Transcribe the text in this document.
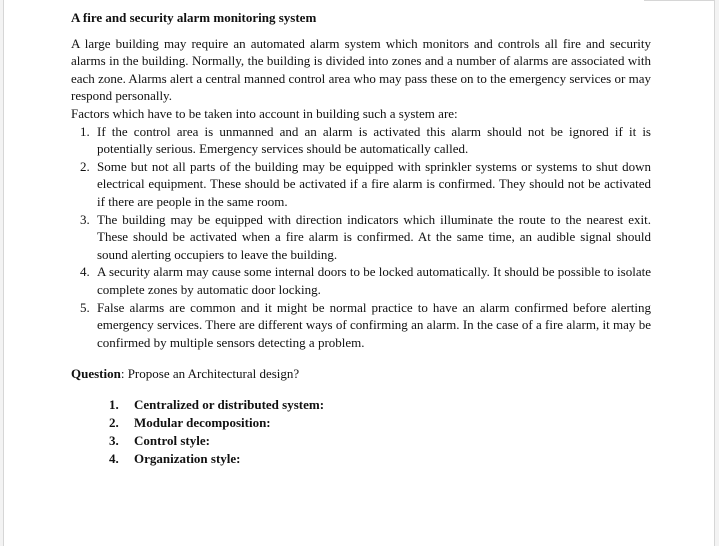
A fire and security alarm monitoring system

A large building may require an automated alarm system which monitors and controls all fire and security alarms in the building. Normally, the building is divided into zones and a number of alarms are associated with each zone. Alarms alert a central manned control area who may pass these on to the emergency services or may respond personally.

Factors which have to be taken into account in building such a system are:

1. If the control area is unmanned and an alarm is activated this alarm should not be ignored if it is potentially serious. Emergency services should be automatically called.
2. Some but not all parts of the building may be equipped with sprinkler systems or systems to shut down electrical equipment. These should be activated if a fire alarm is confirmed. They should not be activated if there are people in the same room.
3. The building may be equipped with direction indicators which illuminate the route to the nearest exit. These should be activated when a fire alarm is confirmed. At the same time, an audible signal should sound alerting occupiers to leave the building.
4. A security alarm may cause some internal doors to be locked automatically. It should be possible to isolate complete zones by automatic door locking.
5. False alarms are common and it might be normal practice to have an alarm confirmed before alerting emergency services. There are different ways of confirming an alarm. In the case of a fire alarm, it may be confirmed by multiple sensors detecting a problem.

Question: Propose an Architectural design?

1. Centralized or distributed system:
2. Modular decomposition:
3. Control style:
4. Organization style:
